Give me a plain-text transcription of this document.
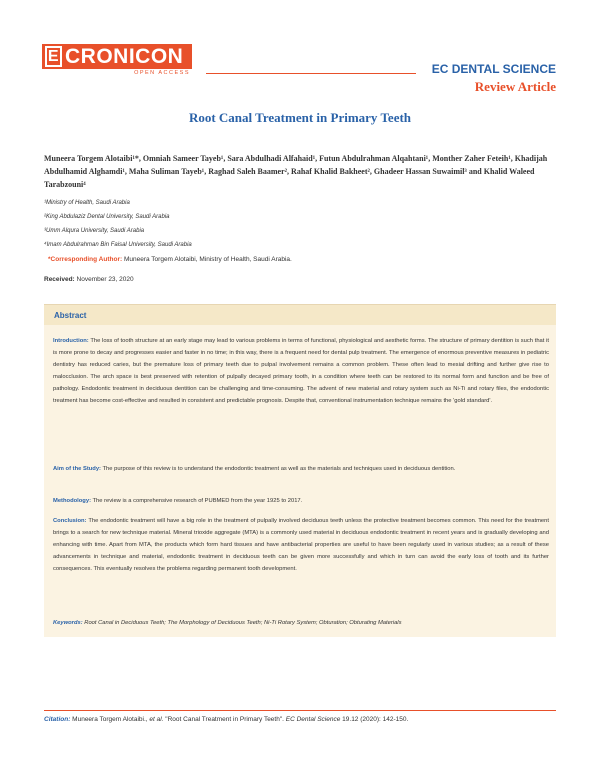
E CRONICON
OPEN ACCESS	EC DENTAL SCIENCE
Review Article
Root Canal Treatment in Primary Teeth
Muneera Torgem Alotaibi¹*, Omniah Sameer Tayeb¹, Sara Abdulhadi Alfahaid¹, Futun Abdulrahman Alqahtani¹, Monther Zaher Feteih¹, Khadijah Abdulhamid Alghamdi¹, Maha Suliman Tayeb¹, Raghad Saleh Baamer², Rahaf Khalid Bakheet², Ghadeer Hassan Suwaimil³ and Khalid Waleed Tarabzouni⁴
¹Ministry of Health, Saudi Arabia
²King Abdulaziz Dental University, Saudi Arabia
³Umm Alqura University, Saudi Arabia
⁴Imam Abdulrahman Bin Faisal University, Saudi Arabia
*Corresponding Author: Muneera Torgem Alotaibi, Ministry of Health, Saudi Arabia.
Received: November 23, 2020
Abstract

Introduction: The loss of tooth structure at an early stage may lead to various problems in terms of functional, physiological and aesthetic forms. The structure of primary dentition is such that it is more prone to decay and progresses easier and faster in no time; in this way, there is a frequent need for dental pulp treatment. The emergence of enormous preventive measures in pediatric dentistry has reduced caries, but the premature loss of primary teeth due to pulpal involvement remains a common problem. These often lead to mesial drifting and further give rise to malocclusion. The arch space is best preserved with retention of pulpally decayed primary tooth, in a condition where teeth can be restored to its normal form and function and be free of pathology. Endodontic treatment in deciduous dentition can be challenging and time-consuming. The advent of new material and rotary system such as Ni-Ti and rotary files, the endodontic treatment has become cost-effective and resulted in consistent and predictable prognosis. Despite that, conventional instrumentation technique remains the 'gold standard'.

Aim of the Study: The purpose of this review is to understand the endodontic treatment as well as the materials and techniques used in deciduous dentition.

Methodology: The review is a comprehensive research of PUBMED from the year 1925 to 2017.

Conclusion: The endodontic treatment will have a big role in the treatment of pulpally involved deciduous teeth unless the protective treatment becomes common. This need for the treatment brings to a search for new technique material. Mineral trioxide aggregate (MTA) is a commonly used material in deciduous endodontic treatment in recent years and is gradually developing and enhancing with time. Apart from MTA, the products which form hard tissues and have antibacterial properties are useful to have been regularly used in various studies; as a result of these advancements in technique and material, endodontic treatment in deciduous teeth can be given more successfully and which in turn can avoid the early loss of tooth and its further consequences. This eventually resolves the problems regarding permanent tooth development.

Keywords: Root Canal in Deciduous Teeth; The Morphology of Deciduous Teeth; Ni-Ti Rotary System; Obturation; Obturating Materials

Citation: Muneera Torgem Alotaibi., et al. "Root Canal Treatment in Primary Teeth". EC Dental Science 19.12 (2020): 142-150.
